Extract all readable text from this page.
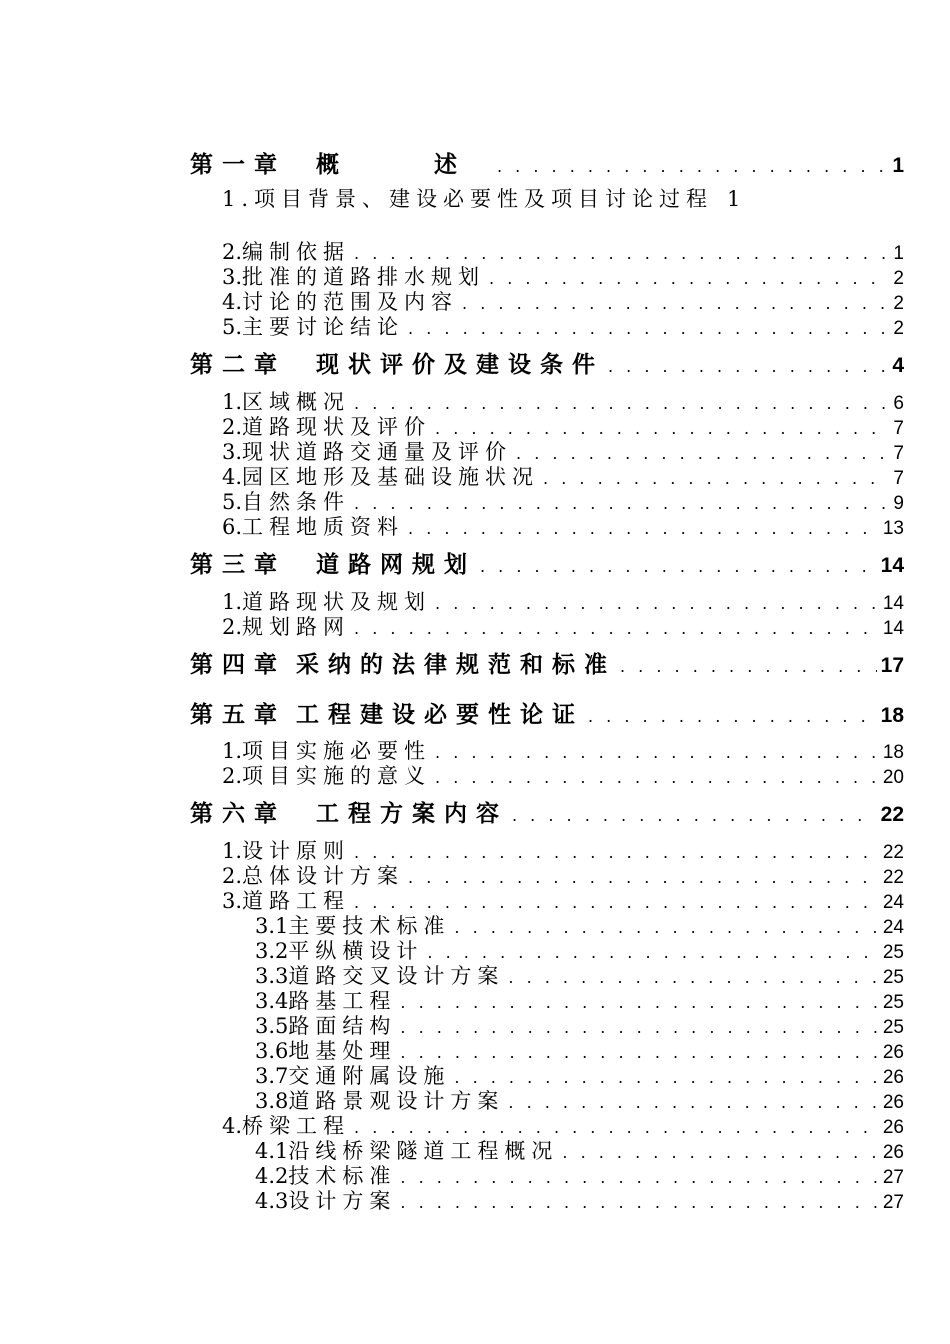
第一章 概　述 . . .	1
1.项目背景、建设必要性及项目讨论过程 1
2. 编制依据 . . .	1
3. 批准的道路排水规划 . . .	2
4. 讨论的范围及内容 . . .	2
5. 主要讨论结论 . . .	2
第二章 现状评价及建设条件 . . .	4
1. 区域概况 . . .	6
2. 道路现状及评价 . . .	7
3. 现状道路交通量及评价 . . .	7
4. 园区地形及基础设施状况 . . .	7
5. 自然条件 . . .	9
6. 工程地质资料 . . .	13
第三章 道路网规划 . . .	14
1. 道路现状及规划 . . .	14
2. 规划路网 . . .	14
第四章 采纳的法律规范和标准 . . .	17
第五章 工程建设必要性论证 . . .	18
1. 项目实施必要性 . . .	18
2. 项目实施的意义 . . .	20
第六章 工程方案内容 . . .	22
1. 设计原则 . . .	22
2. 总体设计方案 . . .	22
3. 道路工程 . . .	24
3.1 主要技术标准 . . .	24
3.2 平纵横设计 . . .	25
3.3 道路交叉设计方案 . . .	25
3.4 路基工程 . . .	25
3.5 路面结构 . . .	25
3.6 地基处理 . . .	26
3.7 交通附属设施 . . .	26
3.8 道路景观设计方案 . . .	26
4. 桥梁工程 . . .	26
4.1 沿线桥梁隧道工程概况 . . .	26
4.2 技术标准 . . .	27
4.3 设计方案 . . .	27
